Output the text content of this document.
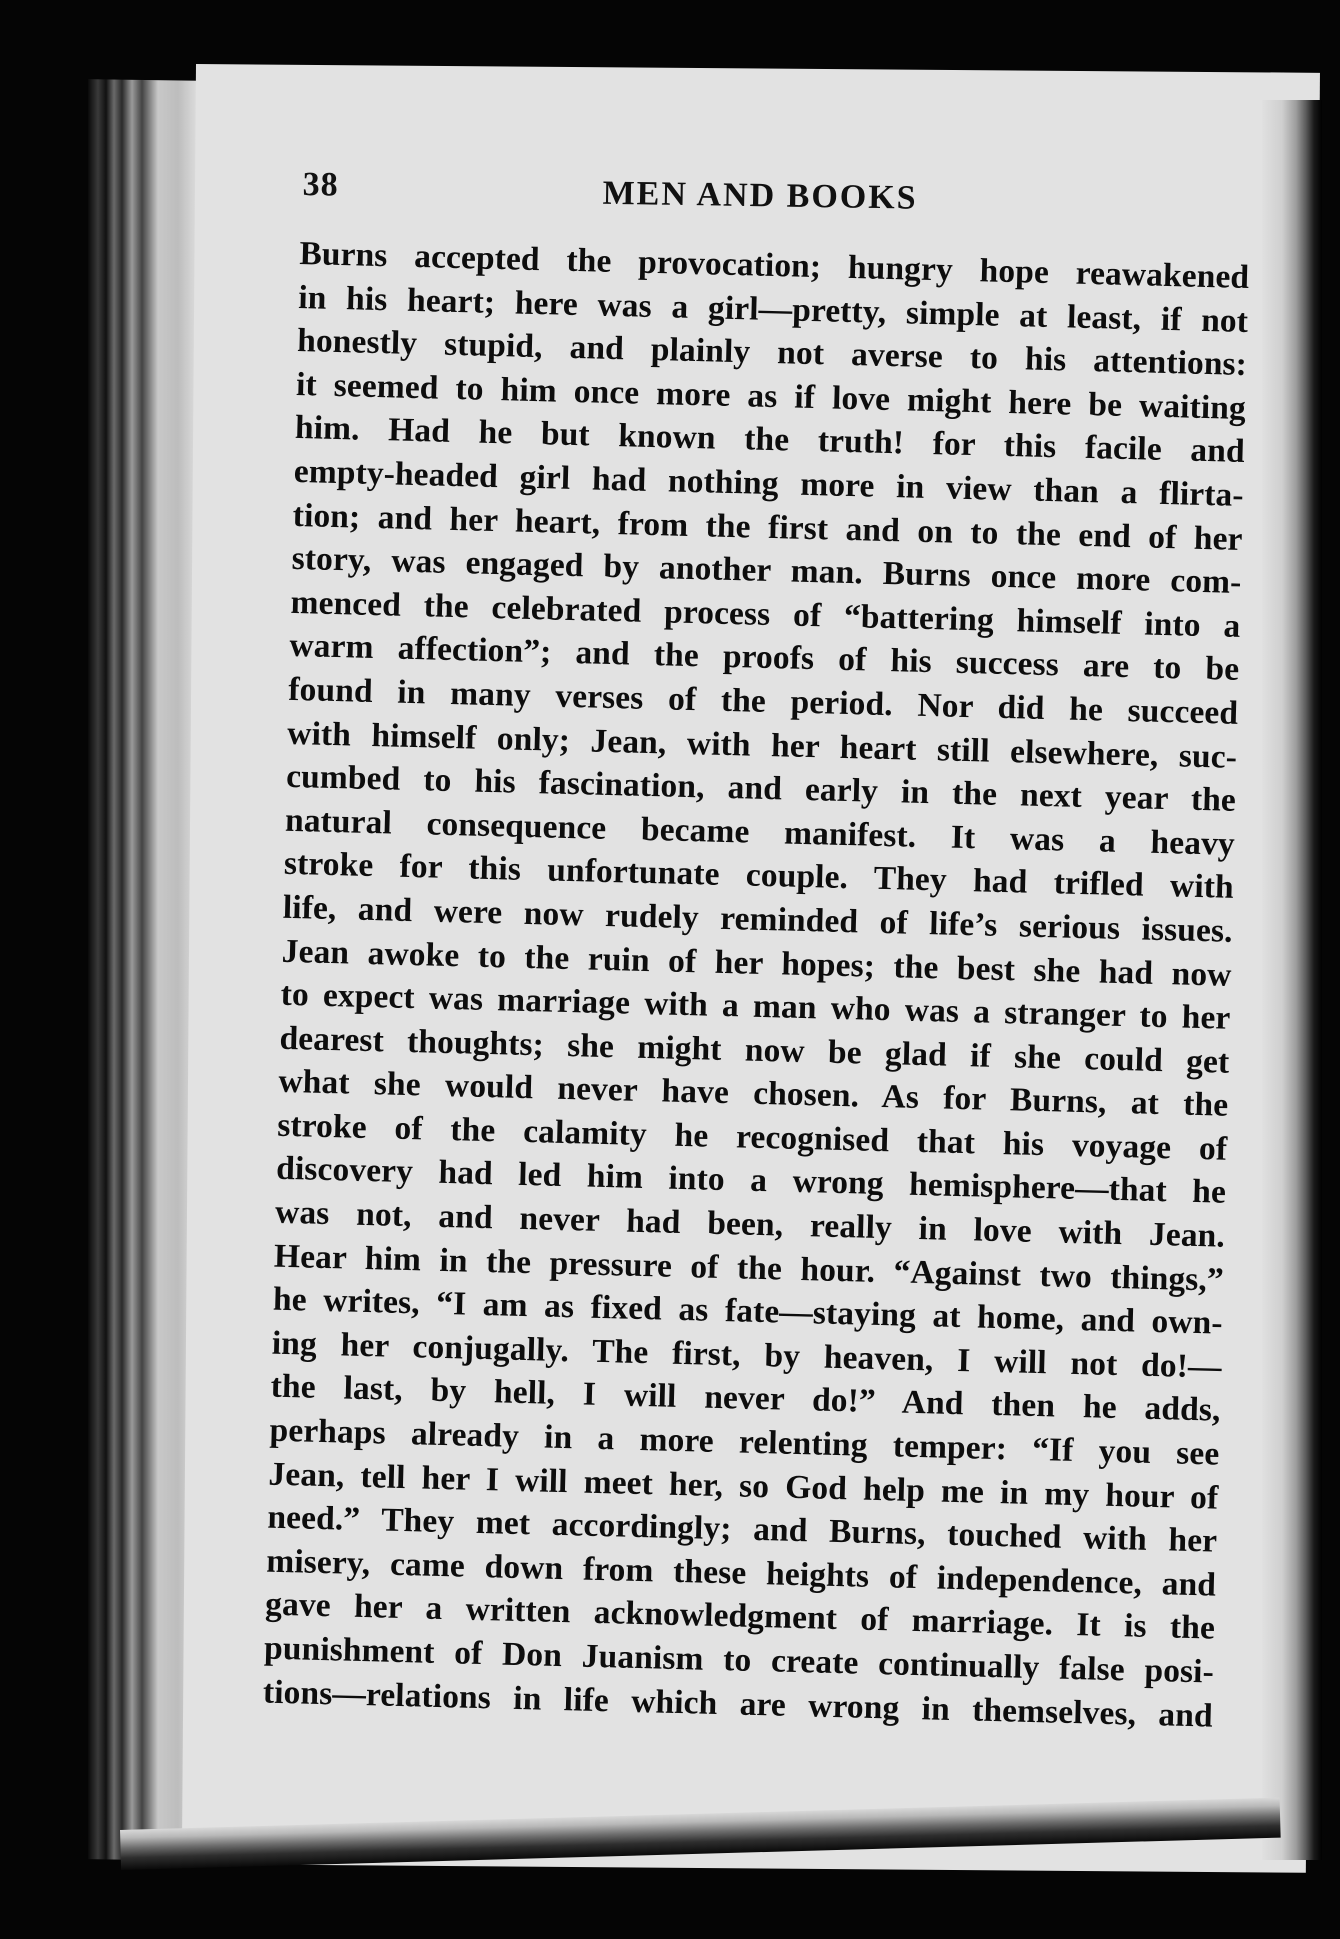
38	MEN AND BOOKS
Burns accepted the provocation; hungry hope reawakened
in his heart; here was a girl—pretty, simple at least, if not
honestly stupid, and plainly not averse to his attentions:
it seemed to him once more as if love might here be waiting
him. Had he but known the truth! for this facile and
empty-headed girl had nothing more in view than a flirta-
tion; and her heart, from the first and on to the end of her
story, was engaged by another man. Burns once more com-
menced the celebrated process of “battering himself into a
warm affection”; and the proofs of his success are to be
found in many verses of the period. Nor did he succeed
with himself only; Jean, with her heart still elsewhere, suc-
cumbed to his fascination, and early in the next year the
natural consequence became manifest. It was a heavy
stroke for this unfortunate couple. They had trifled with
life, and were now rudely reminded of life’s serious issues.
Jean awoke to the ruin of her hopes; the best she had now
to expect was marriage with a man who was a stranger to her
dearest thoughts; she might now be glad if she could get
what she would never have chosen. As for Burns, at the
stroke of the calamity he recognised that his voyage of
discovery had led him into a wrong hemisphere—that he
was not, and never had been, really in love with Jean.
Hear him in the pressure of the hour. “Against two things,”
he writes, “I am as fixed as fate—staying at home, and own-
ing her conjugally. The first, by heaven, I will not do!—
the last, by hell, I will never do!” And then he adds,
perhaps already in a more relenting temper: “If you see
Jean, tell her I will meet her, so God help me in my hour of
need.” They met accordingly; and Burns, touched with her
misery, came down from these heights of independence, and
gave her a written acknowledgment of marriage. It is the
punishment of Don Juanism to create continually false posi-
tions—relations in life which are wrong in themselves, and
